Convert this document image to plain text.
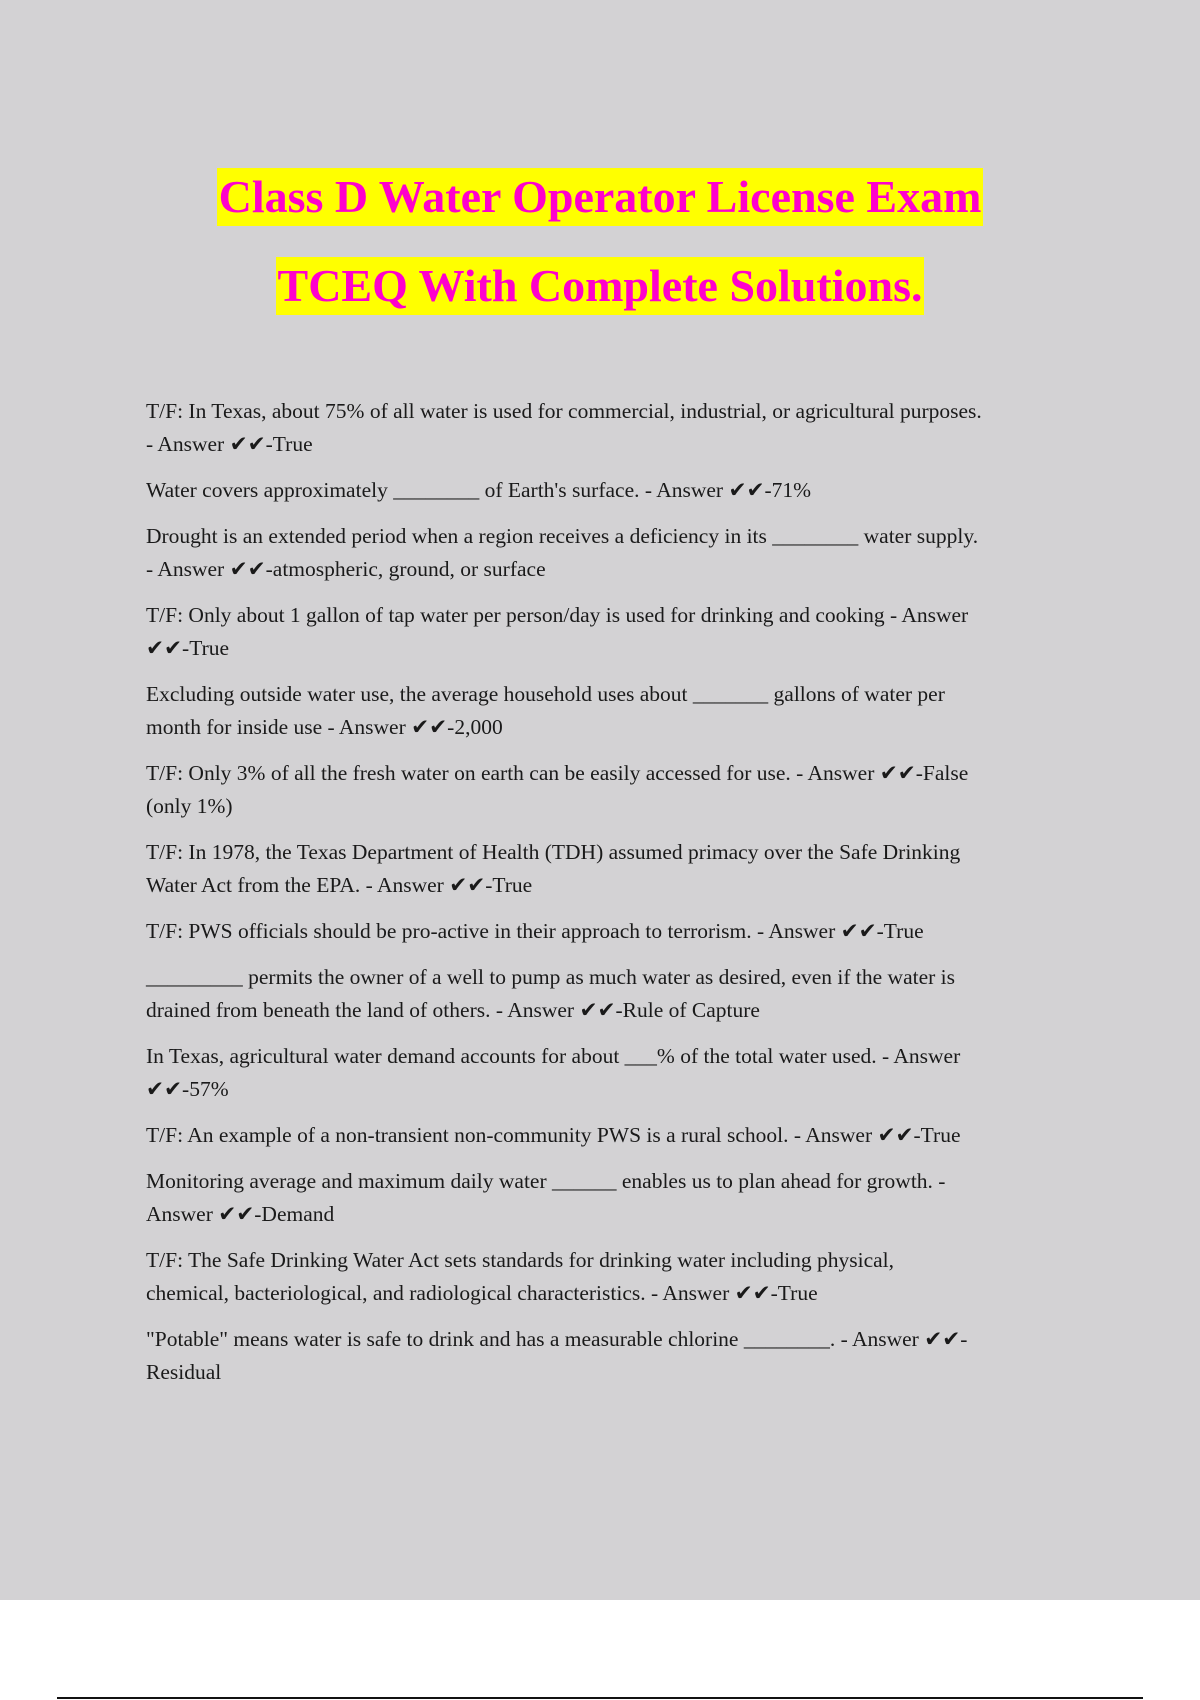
Class D Water Operator License Exam
TCEQ With Complete Solutions.

T/F: In Texas, about 75% of all water is used for commercial, industrial, or agricultural purposes.
- Answer ✔✔-True

Water covers approximately ________ of Earth's surface. - Answer ✔✔-71%

Drought is an extended period when a region receives a deficiency in its ________ water supply.
- Answer ✔✔-atmospheric, ground, or surface

T/F: Only about 1 gallon of tap water per person/day is used for drinking and cooking - Answer
✔✔-True

Excluding outside water use, the average household uses about _______ gallons of water per
month for inside use - Answer ✔✔-2,000

T/F: Only 3% of all the fresh water on earth can be easily accessed for use. - Answer ✔✔-False
(only 1%)

T/F: In 1978, the Texas Department of Health (TDH) assumed primacy over the Safe Drinking
Water Act from the EPA. - Answer ✔✔-True

T/F: PWS officials should be pro-active in their approach to terrorism. - Answer ✔✔-True

_________ permits the owner of a well to pump as much water as desired, even if the water is
drained from beneath the land of others. - Answer ✔✔-Rule of Capture

In Texas, agricultural water demand accounts for about ___% of the total water used. - Answer
✔✔-57%

T/F: An example of a non-transient non-community PWS is a rural school. - Answer ✔✔-True

Monitoring average and maximum daily water ______ enables us to plan ahead for growth. -
Answer ✔✔-Demand

T/F: The Safe Drinking Water Act sets standards for drinking water including physical,
chemical, bacteriological, and radiological characteristics. - Answer ✔✔-True

"Potable" means water is safe to drink and has a measurable chlorine ________. - Answer ✔✔-
Residual
